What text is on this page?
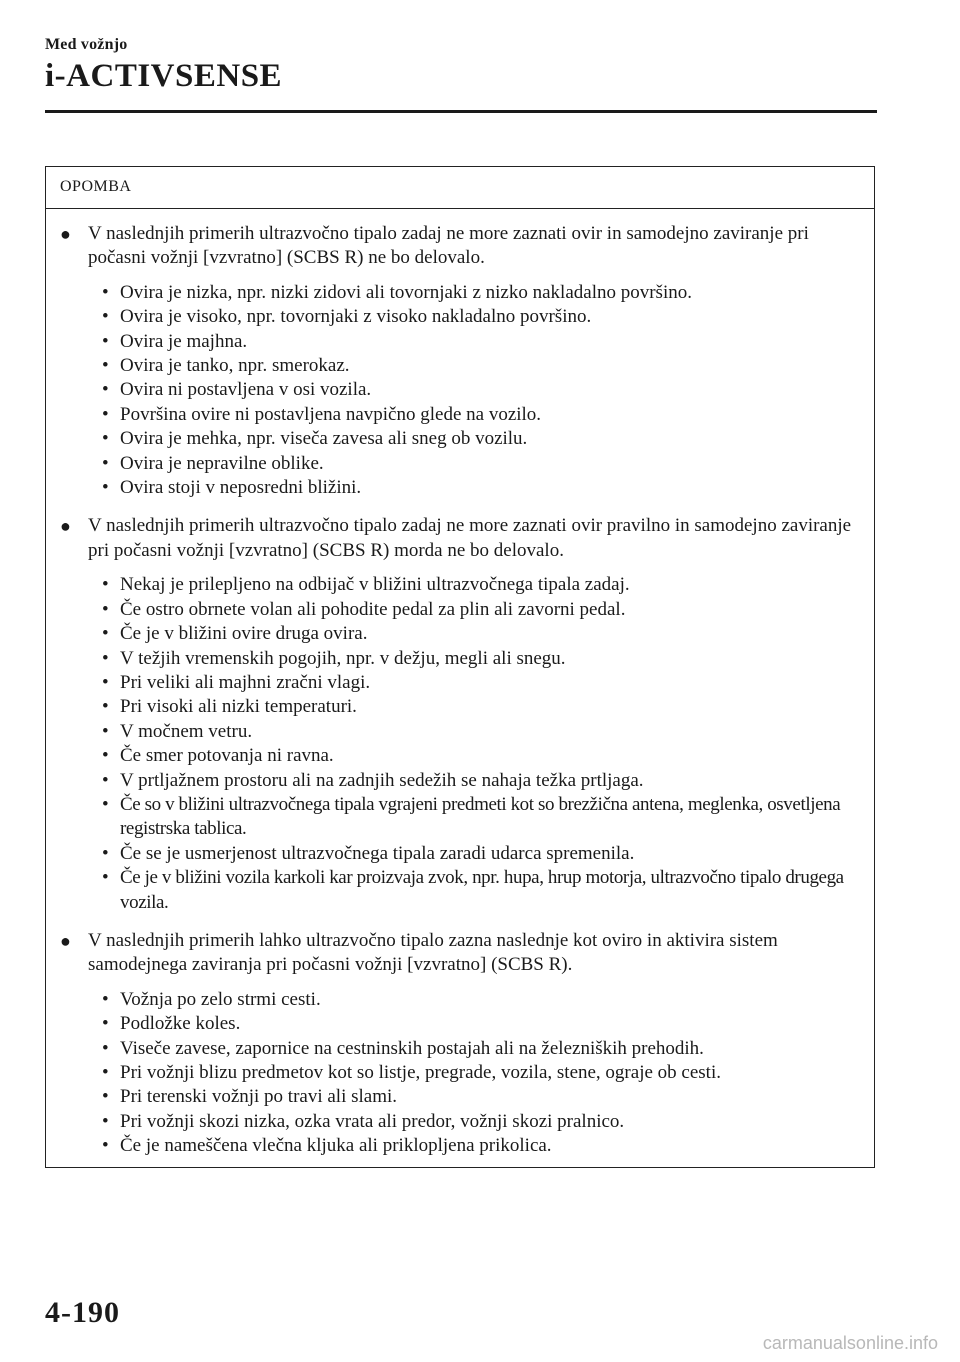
Med vožnjo
i-ACTIVSENSE
OPOMBA
● V naslednjih primerih ultrazvočno tipalo zadaj ne more zaznati ovir in samodejno zaviranje pri počasni vožnji [vzvratno] (SCBS R) ne bo delovalo.
• Ovira je nizka, npr. nizki zidovi ali tovornjaki z nizko nakladalno površino.
• Ovira je visoko, npr. tovornjaki z visoko nakladalno površino.
• Ovira je majhna.
• Ovira je tanko, npr. smerokaz.
• Ovira ni postavljena v osi vozila.
• Površina ovire ni postavljena navpično glede na vozilo.
• Ovira je mehka, npr. viseča zavesa ali sneg ob vozilu.
• Ovira je nepravilne oblike.
• Ovira stoji v neposredni bližini.
● V naslednjih primerih ultrazvočno tipalo zadaj ne more zaznati ovir pravilno in samodejno zaviranje pri počasni vožnji [vzvratno] (SCBS R) morda ne bo delovalo.
• Nekaj je prilepljeno na odbijač v bližini ultrazvočnega tipala zadaj.
• Če ostro obrnete volan ali pohodite pedal za plin ali zavorni pedal.
• Če je v bližini ovire druga ovira.
• V težjih vremenskih pogojih, npr. v dežju, megli ali snegu.
• Pri veliki ali majhni zračni vlagi.
• Pri visoki ali nizki temperaturi.
• V močnem vetru.
• Če smer potovanja ni ravna.
• V prtljažnem prostoru ali na zadnjih sedežih se nahaja težka prtljaga.
• Če so v bližini ultrazvočnega tipala vgrajeni predmeti kot so brezžična antena, meglenka, osvetljena registrska tablica.
• Če se je usmerjenost ultrazvočnega tipala zaradi udarca spremenila.
• Če je v bližini vozila karkoli kar proizvaja zvok, npr. hupa, hrup motorja, ultrazvočno tipalo drugega vozila.
● V naslednjih primerih lahko ultrazvočno tipalo zazna naslednje kot oviro in aktivira sistem samodejnega zaviranja pri počasni vožnji [vzvratno] (SCBS R).
• Vožnja po zelo strmi cesti.
• Podložke koles.
• Viseče zavese, zapornice na cestninskih postajah ali na železniških prehodih.
• Pri vožnji blizu predmetov kot so listje, pregrade, vozila, stene, ograje ob cesti.
• Pri terenski vožnji po travi ali slami.
• Pri vožnji skozi nizka, ozka vrata ali predor, vožnji skozi pralnico.
• Če je nameščena vlečna kljuka ali priklopljena prikolica.
4-190
carmanualsonline.info
